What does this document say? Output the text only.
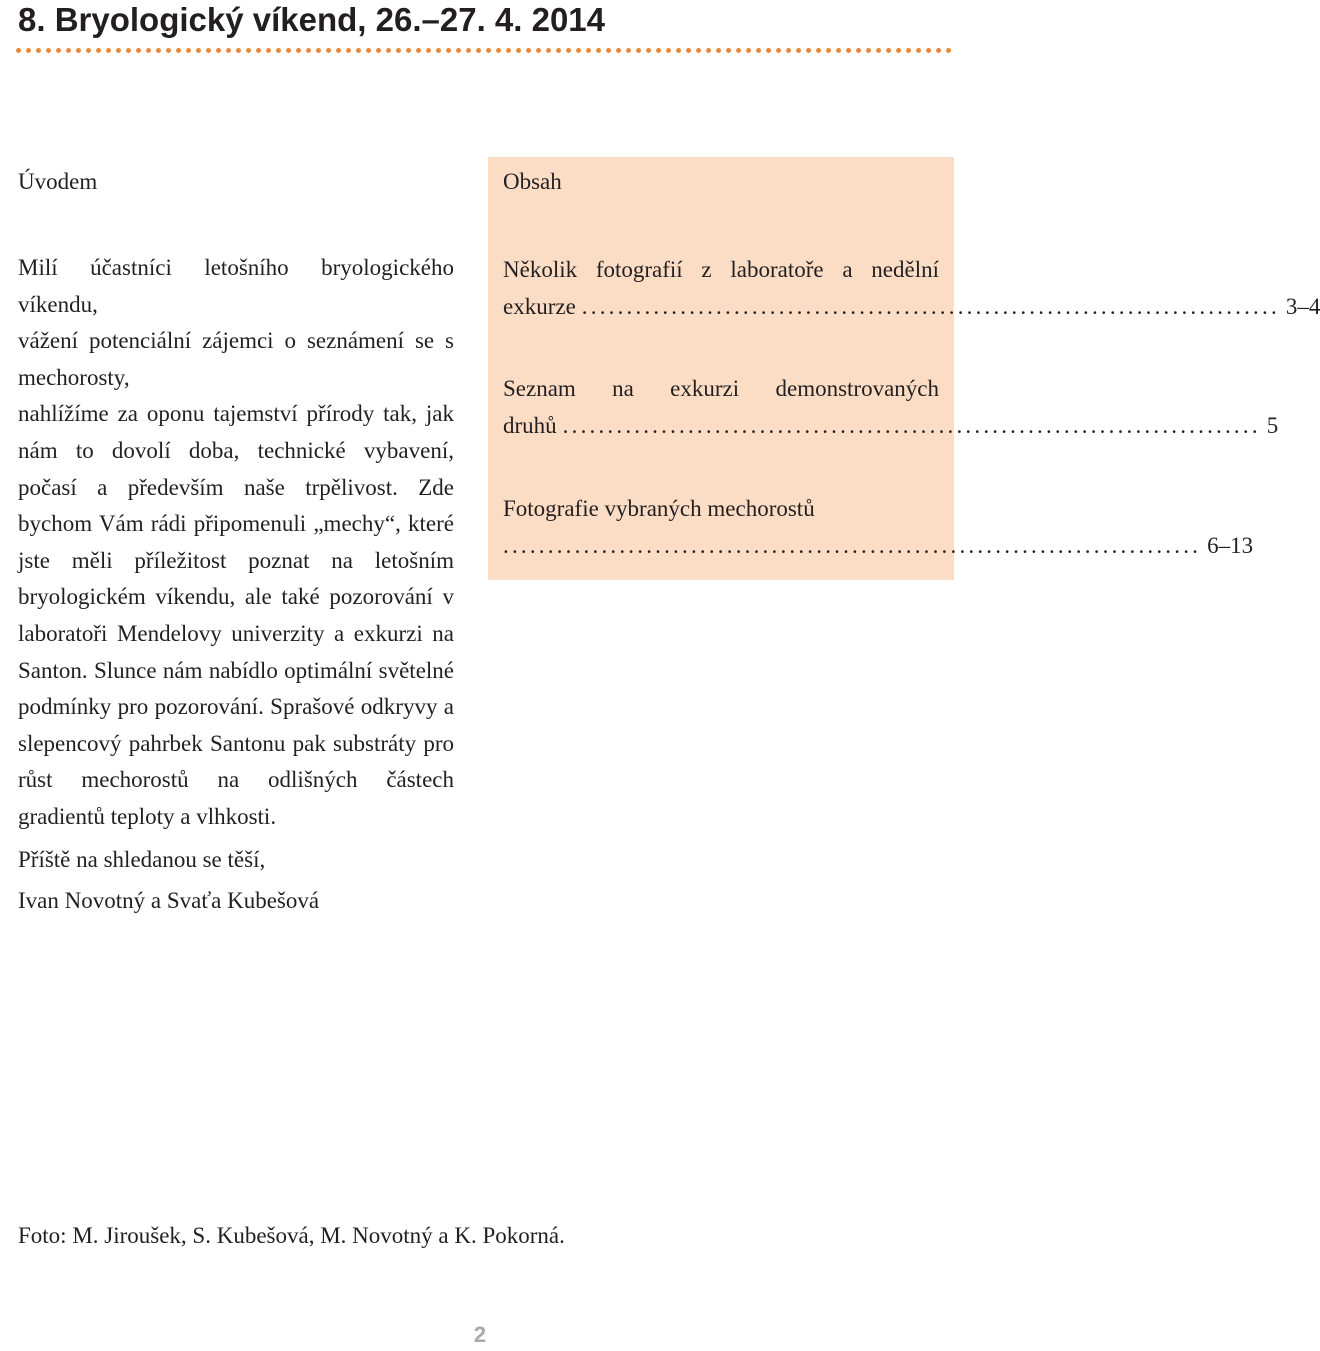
8. Bryologický víkend, 26.–27. 4. 2014
Úvodem

Milí účastníci letošního bryologického víkendu,

vážení potenciální zájemci o seznámení se s mechorosty,

nahlížíme za oponu tajemství přírody tak, jak nám to dovolí doba, technické vybavení, počasí a především naše trpělivost. Zde bychom Vám rádi připomenuli „mechy“, které jste měli příležitost poznat na letošním bryologickém víkendu, ale také pozorování v laboratoři Mendelovy univerzity a exkurzi na Santon. Slunce nám nabídlo optimální světelné podmínky pro pozorování. Sprašové odkryvy a slepencový pahrbek Santonu pak substráty pro růst mechorostů na odlišných částech gradientů teploty a vlhkosti.

Příště na shledanou se těší,

Ivan Novotný a Svaťa Kubešová

Obsah
Několik fotografií z laboratoře a nedělní
exkurze .............................................................................. 3–4
Seznam na exkurzi demonstrovaných
druhů .............................................................................. 5
Fotografie vybraných mechorostů
.............................................................................. 6–13

Foto: M. Jiroušek, S. Kubešová, M. Novotný a K. Pokorná.

2
